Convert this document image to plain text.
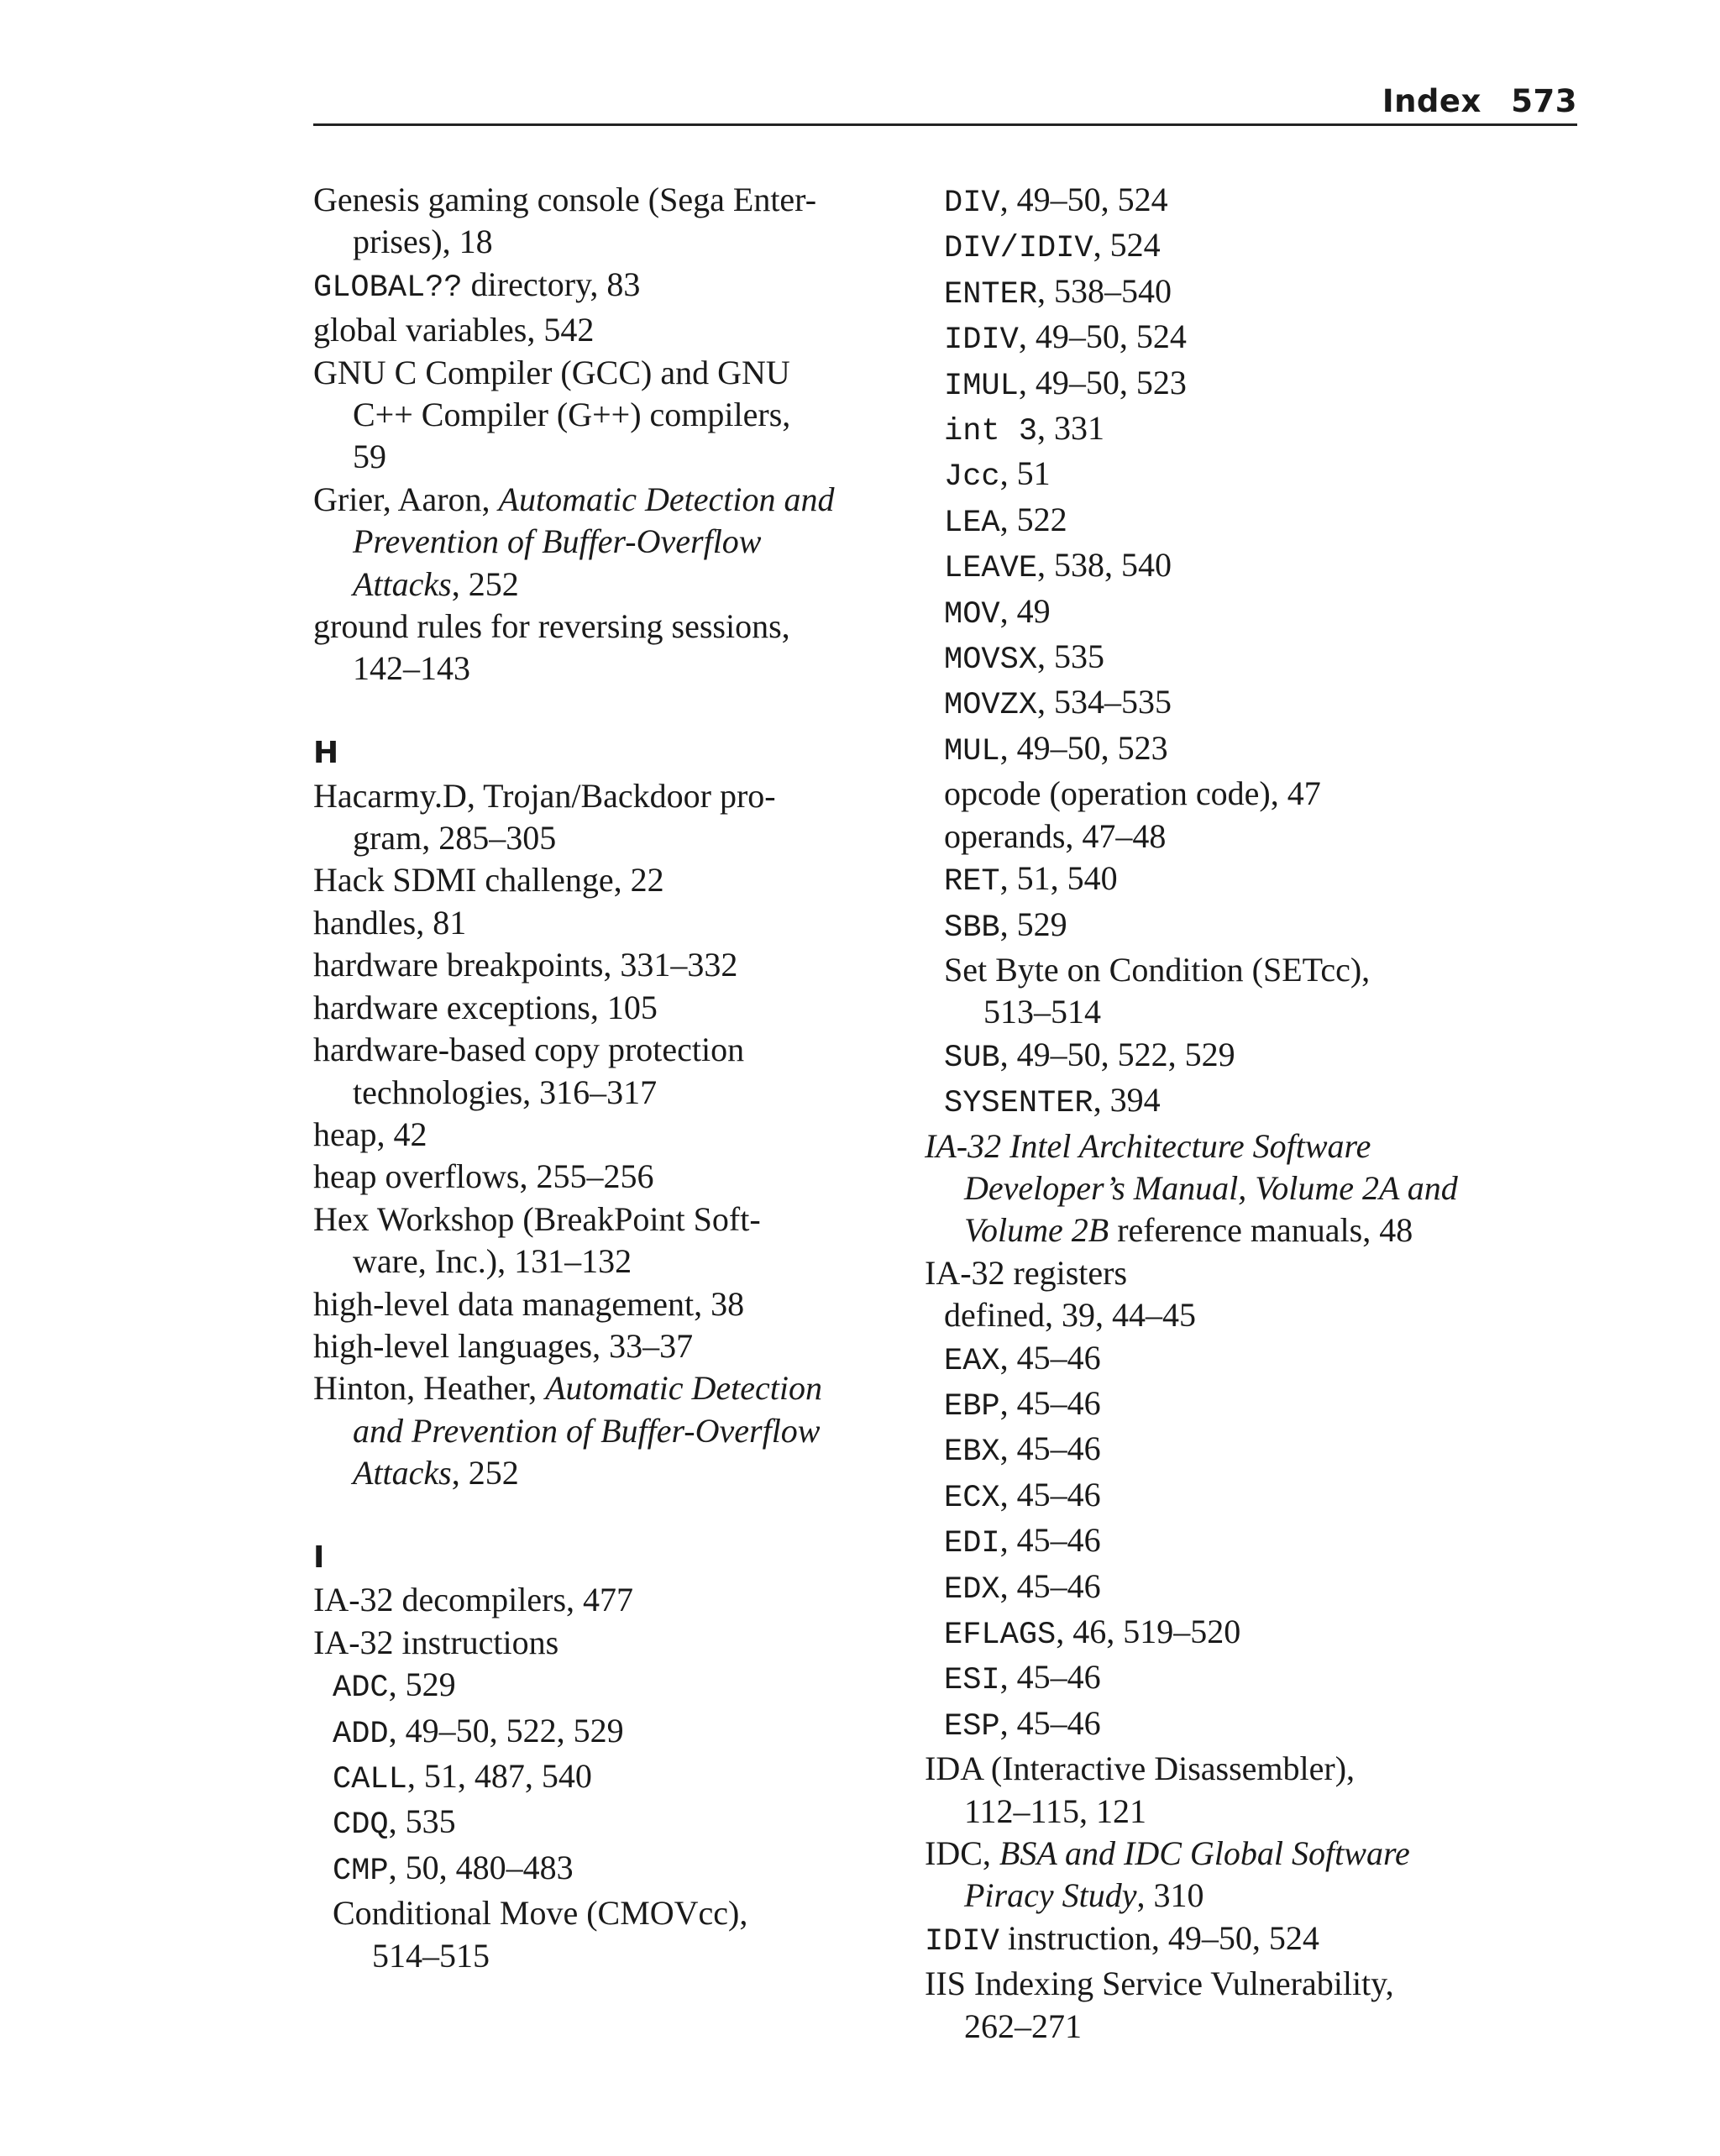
Index 573
Genesis gaming console (Sega Enter-
prises), 18
GLOBAL?? directory, 83
global variables, 542
GNU C Compiler (GCC) and GNU
C++ Compiler (G++) compilers,
59
Grier, Aaron, Automatic Detection and
Prevention of Buffer-Overflow
Attacks, 252
ground rules for reversing sessions,
142–143
H
Hacarmy.D, Trojan/Backdoor pro-
gram, 285–305
Hack SDMI challenge, 22
handles, 81
hardware breakpoints, 331–332
hardware exceptions, 105
hardware-based copy protection
technologies, 316–317
heap, 42
heap overflows, 255–256
Hex Workshop (BreakPoint Soft-
ware, Inc.), 131–132
high-level data management, 38
high-level languages, 33–37
Hinton, Heather, Automatic Detection
and Prevention of Buffer-Overflow
Attacks, 252
I
IA-32 decompilers, 477
IA-32 instructions
ADC, 529
ADD, 49–50, 522, 529
CALL, 51, 487, 540
CDQ, 535
CMP, 50, 480–483
Conditional Move (CMOVcc),
514–515
DIV, 49–50, 524
DIV/IDIV, 524
ENTER, 538–540
IDIV, 49–50, 524
IMUL, 49–50, 523
int 3, 331
Jcc, 51
LEA, 522
LEAVE, 538, 540
MOV, 49
MOVSX, 535
MOVZX, 534–535
MUL, 49–50, 523
opcode (operation code), 47
operands, 47–48
RET, 51, 540
SBB, 529
Set Byte on Condition (SETcc),
513–514
SUB, 49–50, 522, 529
SYSENTER, 394
IA-32 Intel Architecture Software
Developer’s Manual, Volume 2A and
Volume 2B reference manuals, 48
IA-32 registers
defined, 39, 44–45
EAX, 45–46
EBP, 45–46
EBX, 45–46
ECX, 45–46
EDI, 45–46
EDX, 45–46
EFLAGS, 46, 519–520
ESI, 45–46
ESP, 45–46
IDA (Interactive Disassembler),
112–115, 121
IDC, BSA and IDC Global Software
Piracy Study, 310
IDIV instruction, 49–50, 524
IIS Indexing Service Vulnerability,
262–271
